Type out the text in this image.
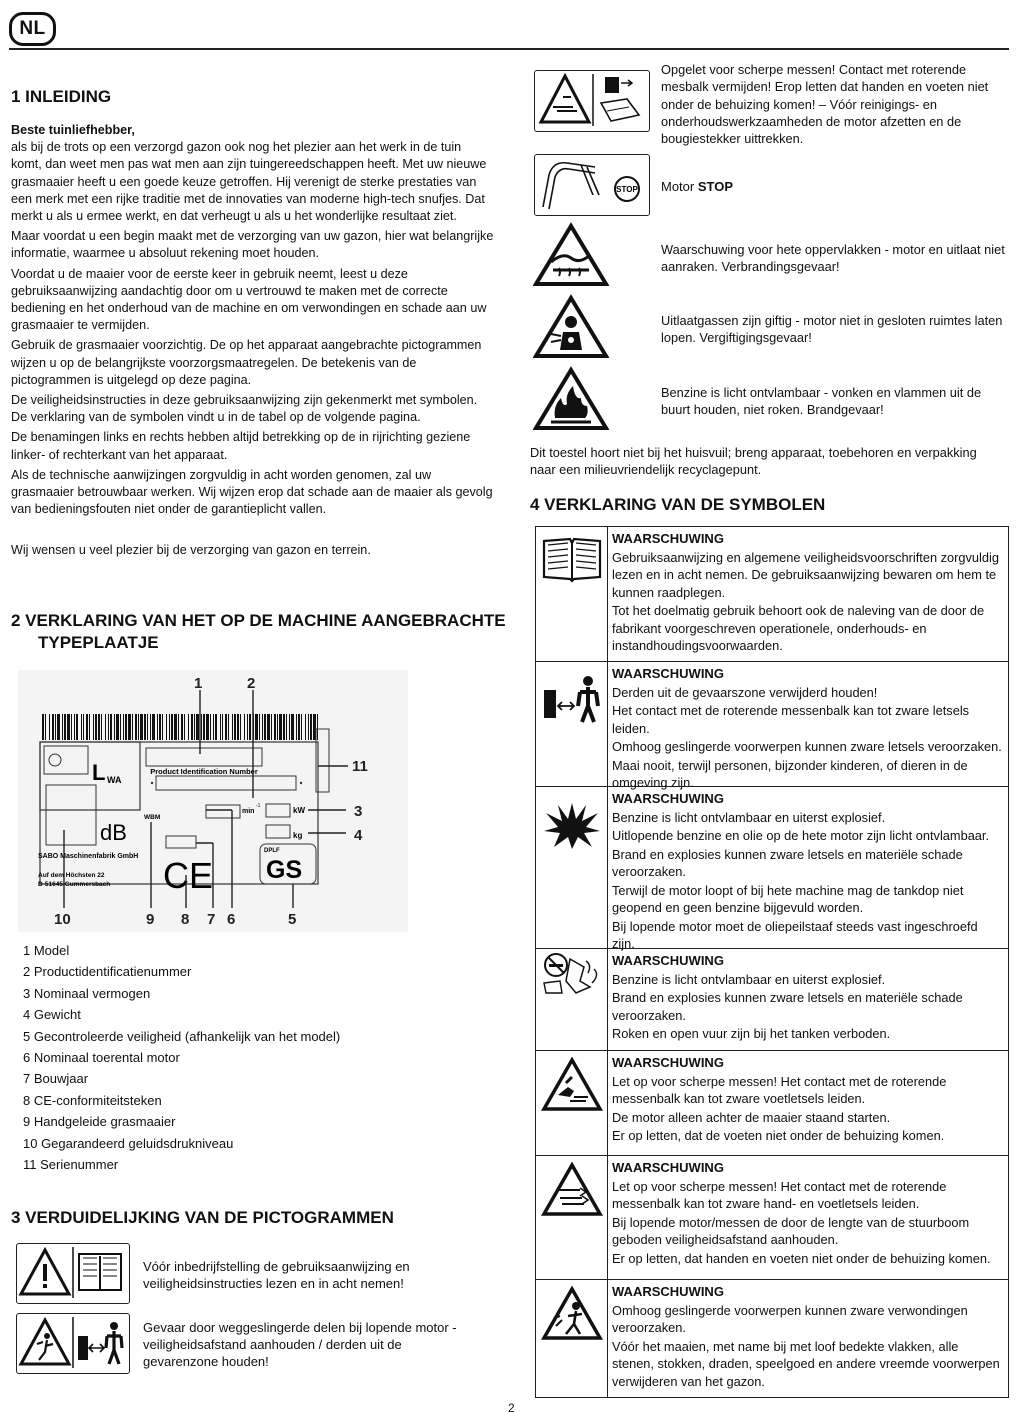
NL
1 INLEIDING

Beste tuinliefhebber,

als bij de trots op een verzorgd gazon ook nog het plezier aan het werk in de tuin komt, dan weet men pas wat men aan zijn tuingereedschappen heeft. Met uw nieuwe grasmaaier heeft u een goede keuze getroffen. Hij verenigt de sterke prestaties van een merk met een rijke traditie met de innovaties van moderne high-tech snufjes. Dat merkt u als u ermee werkt, en dat verheugt u als u het wonderlijke resultaat ziet.

Maar voordat u een begin maakt met de verzorging van uw gazon, hier wat belangrijke informatie, waarmee u absoluut rekening moet houden.

Voordat u de maaier voor de eerste keer in gebruik neemt, leest u deze gebruiksaanwijzing aandachtig door om u vertrouwd te maken met de correcte bediening en het onderhoud van de machine en om verwondingen en schade aan uw grasmaaier te vermijden.

Gebruik de grasmaaier voorzichtig. De op het apparaat aangebrachte pictogrammen wijzen u op de belangrijkste voorzorgsmaatregelen. De betekenis van de pictogrammen is uitgelegd op deze pagina.

De veiligheidsinstructies in deze gebruiksaanwijzing zijn gekenmerkt met symbolen. De verklaring van de symbolen vindt u in de tabel op de volgende pagina.

De benamingen links en rechts hebben altijd betrekking op de in rijrichting geziene linker- of rechterkant van het apparaat.

Als de technische aanwijzingen zorgvuldig in acht worden genomen, zal uw grasmaaier betrouwbaar werken. Wij wijzen erop dat schade aan de maaier als gevolg van bedieningsfouten niet onder de garantieplicht vallen.

Wij wensen u veel plezier bij de verzorging van gazon en terrein.

2 VERKLARING VAN HET OP DE MACHINE AANGEBRACHTE
TYPEPLAATJE
L WA
dB
Product Identification Number
min
-1	kW
kg
WBM
CE
DPLF
GS
SABO Maschinenfabrik GmbH
Auf dem Höchsten 22
D-51645 Gummersbach
1	2
3
4
5
6
7
8
9
10
11
1 Model
2 Productidentificatienummer
3 Nominaal vermogen
4 Gewicht
5 Gecontroleerde veiligheid (afhankelijk van het model)
6 Nominaal toerental motor
7 Bouwjaar
8 CE-conformiteitsteken
9 Handgeleide grasmaaier
10 Gegarandeerd geluidsdrukniveau
11 Serienummer
3 VERDUIDELIJKING VAN DE PICTOGRAMMEN
Vóór inbedrijfstelling de gebruiksaanwijzing en veiligheidsinstructies lezen en in acht nemen!
Gevaar door weggeslingerde delen bij lopende motor - veiligheidsafstand aanhouden / derden uit de gevarenzone houden!
Opgelet voor scherpe messen! Contact met roterende mesbalk vermijden! Erop letten dat handen en voeten niet onder de behuizing komen! – Vóór reinigings- en onderhoudswerkzaamheden de motor afzetten en de bougiestekker uittrekken.
STOP Motor STOP
Waarschuwing voor hete oppervlakken - motor en uitlaat niet aanraken. Verbrandingsgevaar!
Uitlaatgassen zijn giftig - motor niet in gesloten ruimtes laten lopen. Vergiftigingsgevaar!
Benzine is licht ontvlambaar - vonken en vlammen uit de buurt houden, niet roken. Brandgevaar!
Dit toestel hoort niet bij het huisvuil; breng apparaat, toebehoren en verpakking naar een milieuvriendelijk recyclagepunt.
4 VERKLARING VAN DE SYMBOLEN
WAARSCHUWING
Gebruiksaanwijzing en algemene veiligheidsvoorschriften zorgvuldig lezen en in acht nemen. De gebruiksaanwijzing bewaren om hem te kunnen raadplegen.
Tot het doelmatig gebruik behoort ook de naleving van de door de fabrikant voorgeschreven operationele, onderhouds- en instandhoudingsvoorwaarden.
WAARSCHUWING
Derden uit de gevaarszone verwijderd houden!
Het contact met de roterende messenbalk kan tot zware letsels leiden.
Omhoog geslingerde voorwerpen kunnen zware letsels veroorzaken.
Maai nooit, terwijl personen, bijzonder kinderen, of dieren in de omgeving zijn.
WAARSCHUWING
Benzine is licht ontvlambaar en uiterst explosief.
Uitlopende benzine en olie op de hete motor zijn licht ontvlambaar.
Brand en explosies kunnen zware letsels en materiële schade veroorzaken.
Terwijl de motor loopt of bij hete machine mag de tankdop niet geopend en geen benzine bijgevuld worden.
Bij lopende motor moet de oliepeilstaaf steeds vast ingeschroefd zijn.
WAARSCHUWING
Benzine is licht ontvlambaar en uiterst explosief.
Brand en explosies kunnen zware letsels en materiële schade veroorzaken.
Roken en open vuur zijn bij het tanken verboden.
WAARSCHUWING
Let op voor scherpe messen! Het contact met de roterende messenbalk kan tot zware voetletsels leiden.
De motor alleen achter de maaier staand starten.
Er op letten, dat de voeten niet onder de behuizing komen.
WAARSCHUWING
Let op voor scherpe messen! Het contact met de roterende messenbalk kan tot zware hand- en voetletsels leiden.
Bij lopende motor/messen de door de lengte van de stuurboom geboden veiligheidsafstand aanhouden.
Er op letten, dat handen en voeten niet onder de behuizing komen.
WAARSCHUWING
Omhoog geslingerde voorwerpen kunnen zware verwondingen veroorzaken.
Vóór het maaien, met name bij met loof bedekte vlakken, alle stenen, stokken, draden, speelgoed en andere vreemde voorwerpen verwijderen van het gazon.
2
